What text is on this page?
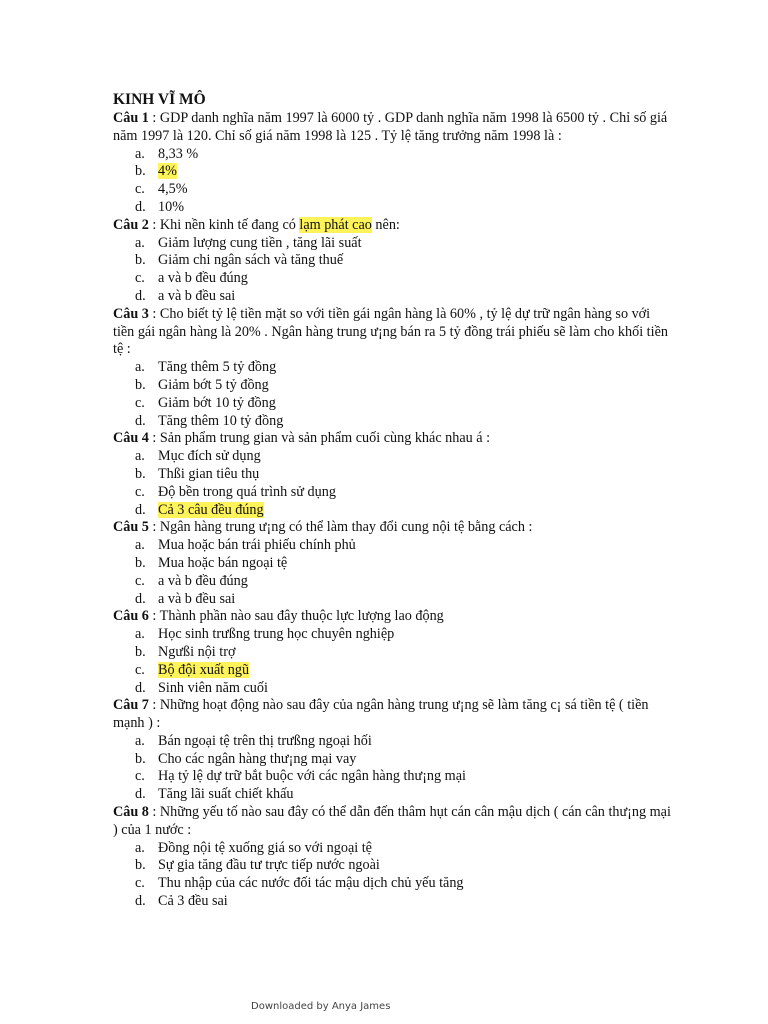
KINH VĨ MÔ

Câu 1 : GDP danh nghĩa năm 1997 là 6000 tỷ . GDP danh nghĩa năm 1998 là 6500 tỷ . Chỉ số giá năm 1997 là 120. Chỉ số giá năm 1998 là 125 . Tỷ lệ tăng trưởng năm 1998 là :

a. 8,33 %
b. 4%
c. 4,5%
d. 10%

Câu 2 : Khi nền kinh tế đang có lạm phát cao nên:

a. Giảm lượng cung tiền , tăng lãi suất
b. Giảm chi ngân sách và tăng thuế
c. a và b đều đúng
d. a và b đều sai

Câu 3 : Cho biết tỷ lệ tiền mặt so với tiền gái ngân hàng là 60% , tỷ lệ dự trữ ngân hàng so với tiền gái ngân hàng là 20% . Ngân hàng trung ư¡ng bán ra 5 tỷ đồng trái phiếu sẽ làm cho khối tiền tệ :

a. Tăng thêm 5 tỷ đồng
b. Giảm bớt 5 tỷ đồng
c. Giảm bớt 10 tỷ đồng
d. Tăng thêm 10 tỷ đồng

Câu 4 : Sản phẩm trung gian và sản phẩm cuối cùng khác nhau á :

a. Mục đích sử dụng
b. Thßi gian tiêu thụ
c. Độ bền trong quá trình sử dụng
d. Cả 3 câu đều đúng

Câu 5 : Ngân hàng trung ư¡ng có thể làm thay đổi cung nội tệ bằng cách :

a. Mua hoặc bán trái phiếu chính phủ
b. Mua hoặc bán ngoại tệ
c. a và b đều đúng
d. a và b đều sai

Câu 6 : Thành phần nào sau đây thuộc lực lượng lao động

a. Học sinh trưßng trung học chuyên nghiệp
b. Ngưßi nội trợ
c. Bộ đội xuất ngũ
d. Sinh viên năm cuối

Câu 7 : Những hoạt động nào sau đây của ngân hàng trung ư¡ng sẽ làm tăng c¡ sá tiền tệ ( tiền mạnh ) :

a. Bán ngoại tệ trên thị trưßng ngoại hối
b. Cho các ngân hàng thư¡ng mại vay
c. Hạ tỷ lệ dự trữ bắt buộc với các ngân hàng thư¡ng mại
d. Tăng lãi suất chiết khấu

Câu 8 : Những yếu tố nào sau đây có thể dẫn đến thâm hụt cán cân mậu dịch ( cán cân thư¡ng mại ) của 1 nước :

a. Đồng nội tệ xuống giá so với ngoại tệ
b. Sự gia tăng đầu tư trực tiếp nước ngoài
c. Thu nhập của các nước đối tác mậu dịch chủ yếu tăng
d. Cả 3 đều sai
Downloaded by Anya James
